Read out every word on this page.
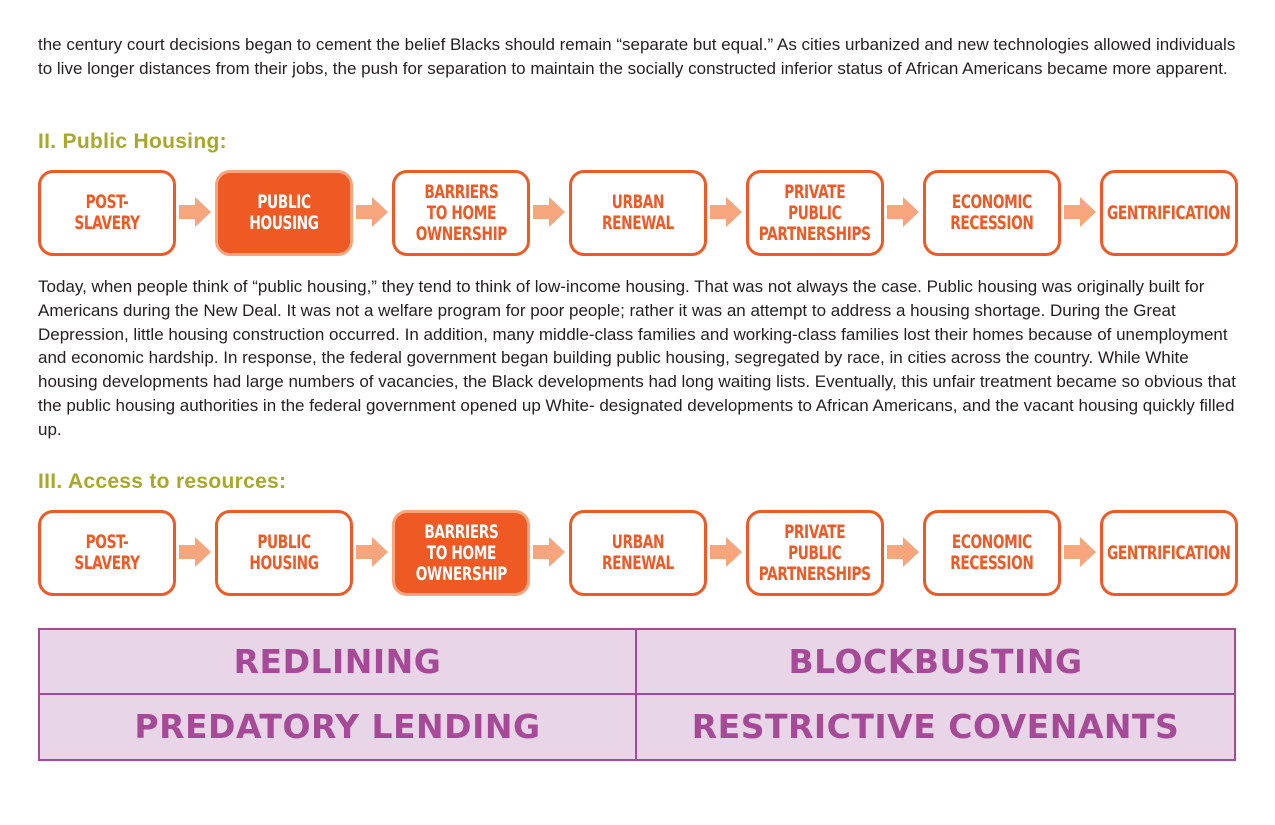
the century court decisions began to cement the belief Blacks should remain “separate but equal.” As cities urbanized and new technologies allowed individuals to live longer distances from their jobs, the push for separation to maintain the socially constructed inferior status of African Americans became more apparent.

II. Public Housing:
POST-SLAVERY
PUBLIC HOUSING
BARRIERS
TO HOME
OWNERSHIP
URBAN
RENEWAL
PRIVATE PUBLIC
PARTNERSHIPS
ECONOMIC
RECESSION	GENTRIFICATION

Today, when people think of “public housing,” they tend to think of low-income housing. That was not always the case. Public housing was originally built for Americans during the New Deal. It was not a welfare program for poor people; rather it was an attempt to address a housing shortage. During the Great Depression, little housing construction occurred. In addition, many middle-class families and working-class families lost their homes because of unemployment and economic hardship. In response, the federal government began building public housing, segregated by race, in cities across the country. While White housing developments had large numbers of vacancies, the Black developments had long waiting lists. Eventually, this unfair treatment became so obvious that the public housing authorities in the federal government opened up White- designated developments to African Americans, and the vacant housing quickly filled up.

III. Access to resources:
POST-SLAVERY
PUBLIC HOUSING
BARRIERS
TO HOME
OWNERSHIP
URBAN
RENEWAL
PRIVATE PUBLIC
PARTNERSHIPS
ECONOMIC
RECESSION	GENTRIFICATION
REDLINING	BLOCKBUSTING
PREDATORY LENDING	RESTRICTIVE COVENANTS
